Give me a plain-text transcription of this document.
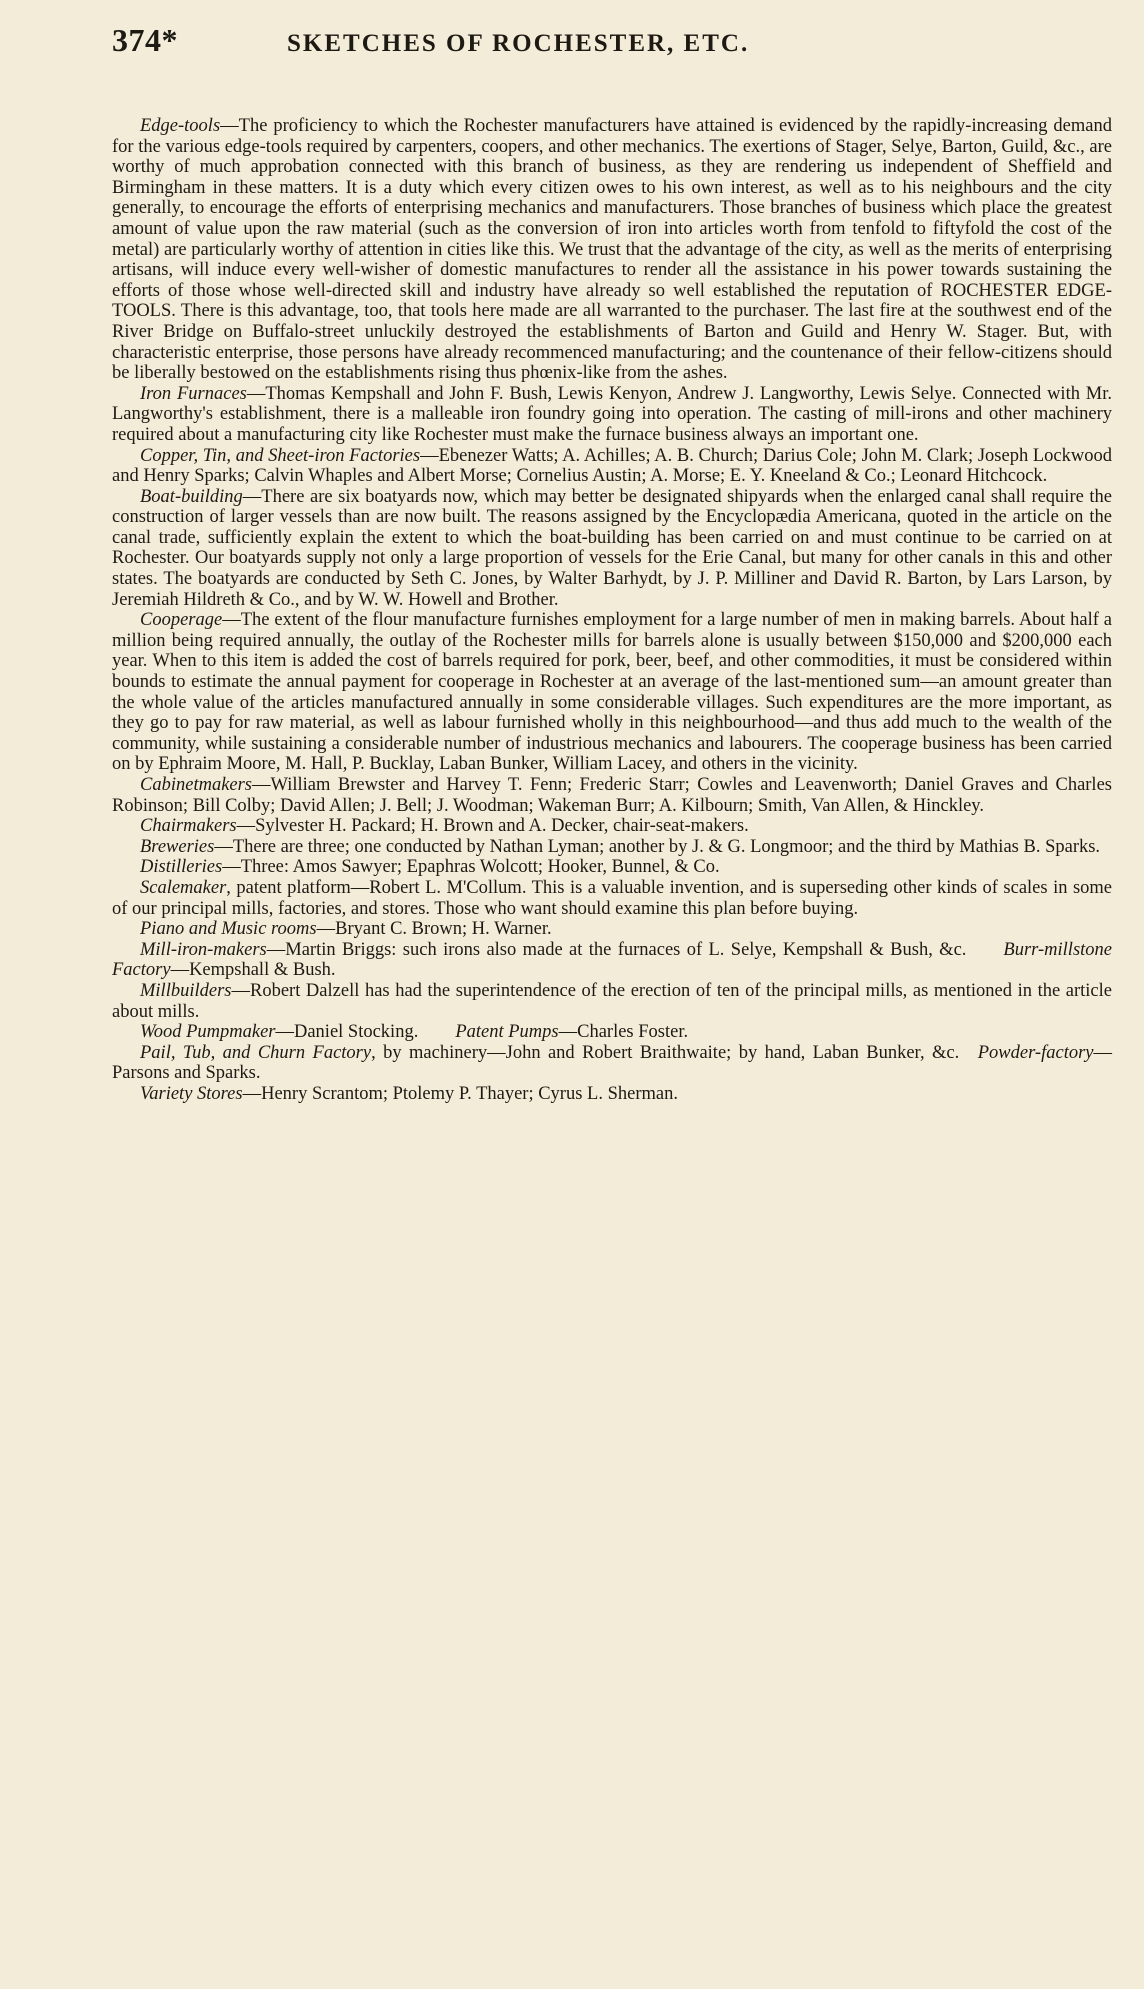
374*	SKETCHES OF ROCHESTER, ETC.

Edge-tools—The proficiency to which the Rochester manufacturers have attained is evidenced by the rapidly-increasing demand for the various edge-tools required by carpenters, coopers, and other mechanics. The exertions of Stager, Selye, Barton, Guild, &c., are worthy of much approbation connected with this branch of business, as they are rendering us independent of Sheffield and Birmingham in these matters. It is a duty which every citizen owes to his own interest, as well as to his neighbours and the city generally, to encourage the efforts of enterprising mechanics and manufacturers. Those branches of business which place the greatest amount of value upon the raw material (such as the conversion of iron into articles worth from tenfold to fiftyfold the cost of the metal) are particularly worthy of attention in cities like this. We trust that the advantage of the city, as well as the merits of enterprising artisans, will induce every well-wisher of domestic manufactures to render all the assistance in his power towards sustaining the efforts of those whose well-directed skill and industry have already so well established the reputation of ROCHESTER EDGE-TOOLS. There is this advantage, too, that tools here made are all warranted to the purchaser. The last fire at the southwest end of the River Bridge on Buffalo-street unluckily destroyed the establishments of Barton and Guild and Henry W. Stager. But, with characteristic enterprise, those persons have already recommenced manufacturing; and the countenance of their fellow-citizens should be liberally bestowed on the establishments rising thus phœnix-like from the ashes.

Iron Furnaces—Thomas Kempshall and John F. Bush, Lewis Kenyon, Andrew J. Langworthy, Lewis Selye. Connected with Mr. Langworthy's establishment, there is a malleable iron foundry going into operation. The casting of mill-irons and other machinery required about a manufacturing city like Rochester must make the furnace business always an important one.

Copper, Tin, and Sheet-iron Factories—Ebenezer Watts; A. Achilles; A. B. Church; Darius Cole; John M. Clark; Joseph Lockwood and Henry Sparks; Calvin Whaples and Albert Morse; Cornelius Austin; A. Morse; E. Y. Kneeland & Co.; Leonard Hitchcock.

Boat-building—There are six boatyards now, which may better be designated shipyards when the enlarged canal shall require the construction of larger vessels than are now built. The reasons assigned by the Encyclopædia Americana, quoted in the article on the canal trade, sufficiently explain the extent to which the boat-building has been carried on and must continue to be carried on at Rochester. Our boatyards supply not only a large proportion of vessels for the Erie Canal, but many for other canals in this and other states. The boatyards are conducted by Seth C. Jones, by Walter Barhydt, by J. P. Milliner and David R. Barton, by Lars Larson, by Jeremiah Hildreth & Co., and by W. W. Howell and Brother.

Cooperage—The extent of the flour manufacture furnishes employment for a large number of men in making barrels. About half a million being required annually, the outlay of the Rochester mills for barrels alone is usually between $150,000 and $200,000 each year. When to this item is added the cost of barrels required for pork, beer, beef, and other commodities, it must be considered within bounds to estimate the annual payment for cooperage in Rochester at an average of the last-mentioned sum—an amount greater than the whole value of the articles manufactured annually in some considerable villages. Such expenditures are the more important, as they go to pay for raw material, as well as labour furnished wholly in this neighbourhood—and thus add much to the wealth of the community, while sustaining a considerable number of industrious mechanics and labourers. The cooperage business has been carried on by Ephraim Moore, M. Hall, P. Bucklay, Laban Bunker, William Lacey, and others in the vicinity.

Cabinetmakers—William Brewster and Harvey T. Fenn; Frederic Starr; Cowles and Leavenworth; Daniel Graves and Charles Robinson; Bill Colby; David Allen; J. Bell; J. Woodman; Wakeman Burr; A. Kilbourn; Smith, Van Allen, & Hinckley.

Chairmakers—Sylvester H. Packard; H. Brown and A. Decker, chair-seat-makers.

Breweries—There are three; one conducted by Nathan Lyman; another by J. & G. Longmoor; and the third by Mathias B. Sparks.

Distilleries—Three: Amos Sawyer; Epaphras Wolcott; Hooker, Bunnel, & Co.

Scalemaker, patent platform—Robert L. M'Collum. This is a valuable invention, and is superseding other kinds of scales in some of our principal mills, factories, and stores. Those who want should examine this plan before buying.

Piano and Music rooms—Bryant C. Brown; H. Warner.

Mill-iron-makers—Martin Briggs: such irons also made at the furnaces of L. Selye, Kempshall & Bush, &c.   Burr-millstone Factory—Kempshall & Bush.

Millbuilders—Robert Dalzell has had the superintendence of the erection of ten of the principal mills, as mentioned in the article about mills.

Wood Pumpmaker—Daniel Stocking.   Patent Pumps—Charles Foster.

Pail, Tub, and Churn Factory, by machinery—John and Robert Braithwaite; by hand, Laban Bunker, &c.  Powder-factory—Parsons and Sparks.

Variety Stores—Henry Scrantom; Ptolemy P. Thayer; Cyrus L. Sherman.
